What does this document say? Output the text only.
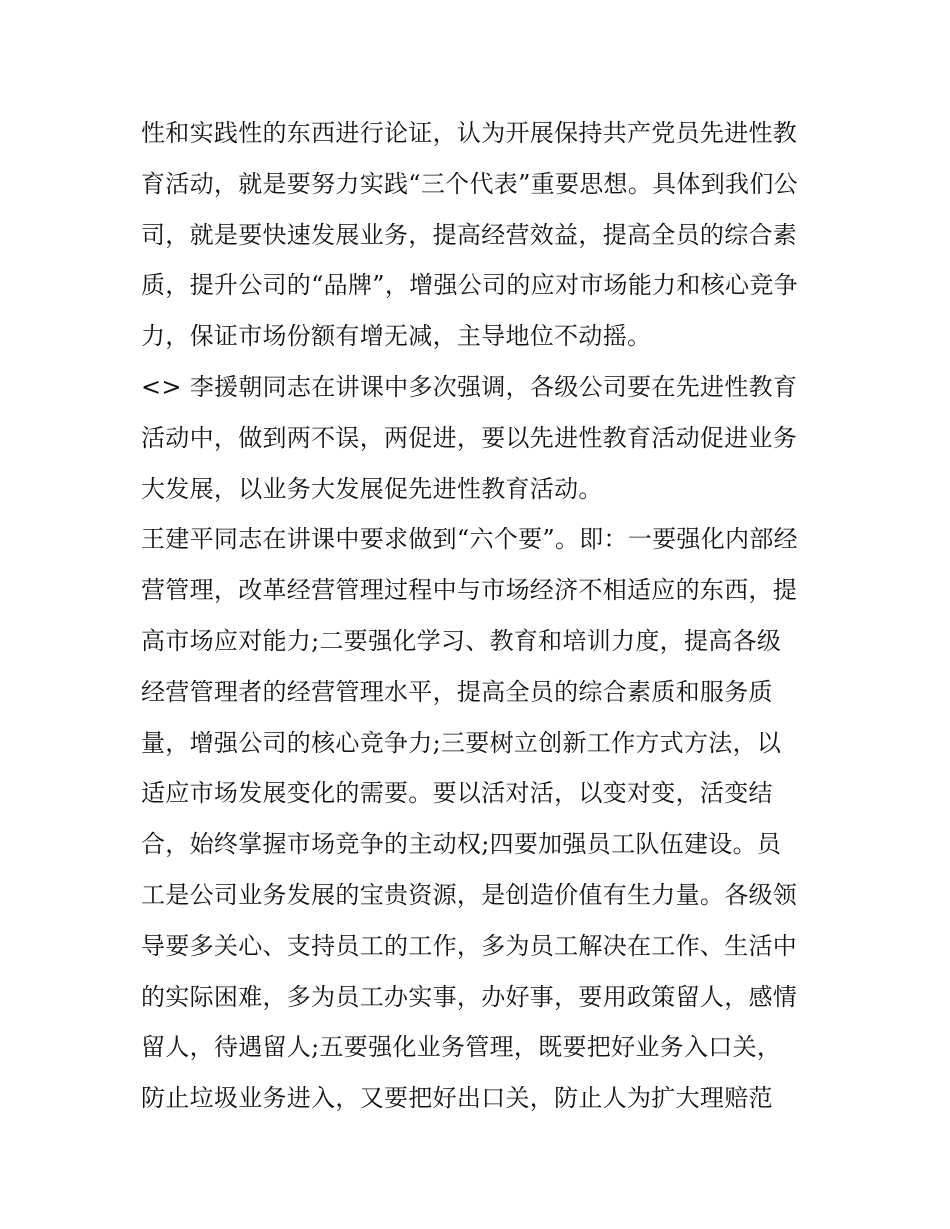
性和实践性的东西进行论证，认为开展保持共产党员先进性教
育活动，就是要努力实践“三个代表”重要思想。具体到我们公
司，就是要快速发展业务，提高经营效益，提高全员的综合素
质，提升公司的“品牌”，增强公司的应对市场能力和核心竞争
力，保证市场份额有增无减，主导地位不动摇。
<> 李援朝同志在讲课中多次强调，各级公司要在先进性教育
活动中，做到两不误，两促进，要以先进性教育活动促进业务
大发展，以业务大发展促先进性教育活动。
王建平同志在讲课中要求做到“六个要”。即：一要强化内部经
营管理，改革经营管理过程中与市场经济不相适应的东西，提
高市场应对能力;二要强化学习、教育和培训力度，提高各级
经营管理者的经营管理水平，提高全员的综合素质和服务质
量，增强公司的核心竞争力;三要树立创新工作方式方法，以
适应市场发展变化的需要。要以活对活，以变对变，活变结
合，始终掌握市场竞争的主动权;四要加强员工队伍建设。员
工是公司业务发展的宝贵资源，是创造价值有生力量。各级领
导要多关心、支持员工的工作，多为员工解决在工作、生活中
的实际困难，多为员工办实事，办好事，要用政策留人，感情
留人，待遇留人;五要强化业务管理，既要把好业务入口关，
防止垃圾业务进入，又要把好出口关，防止人为扩大理赔范
